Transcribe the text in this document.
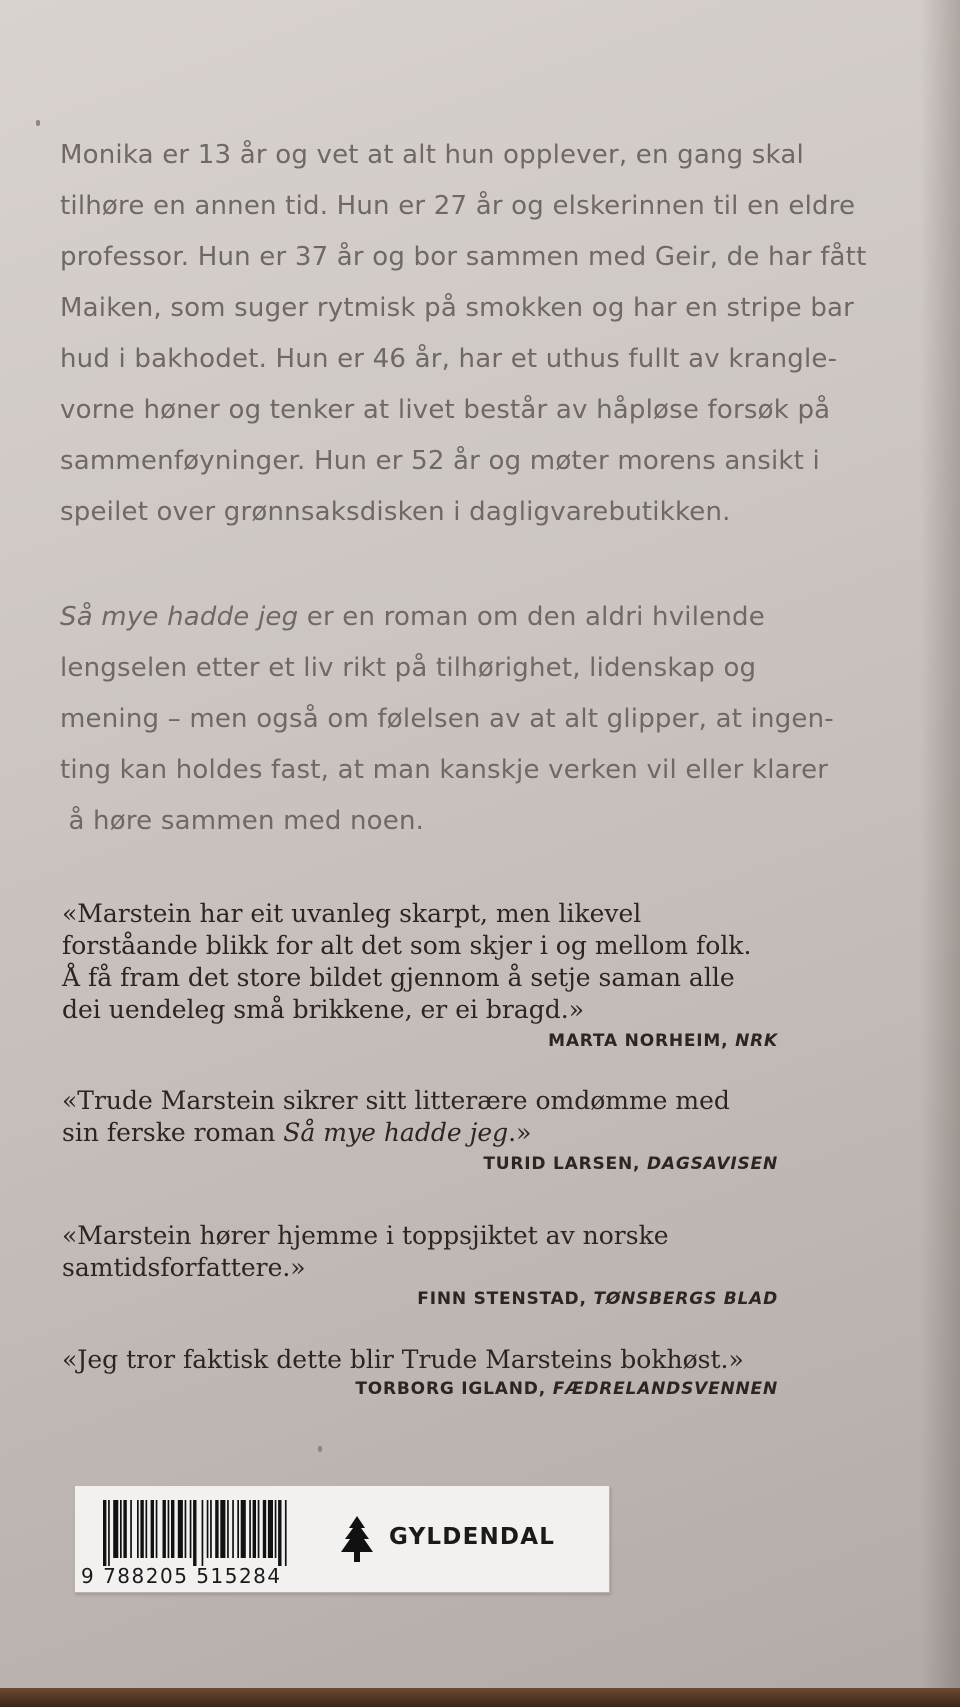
Monika er 13 år og vet at alt hun opplever, en gang skal
tilhøre en annen tid. Hun er 27 år og elskerinnen til en eldre
professor. Hun er 37 år og bor sammen med Geir, de har fått
Maiken, som suger rytmisk på smokken og har en stripe bar
hud i bakhodet. Hun er 46 år, har et uthus fullt av krangle-
vorne høner og tenker at livet består av håpløse forsøk på
sammenføyninger. Hun er 52 år og møter morens ansikt i
speilet over grønnsaksdisken i dagligvarebutikken.
Så mye hadde jeg er en roman om den aldri hvilende
lengselen etter et liv rikt på tilhørighet, lidenskap og
mening – men også om følelsen av at alt glipper, at ingen-
ting kan holdes fast, at man kanskje verken vil eller klarer
å høre sammen med noen.
«Marstein har eit uvanleg skarpt, men likevel
forståande blikk for alt det som skjer i og mellom folk.
Å få fram det store bildet gjennom å setje saman alle
dei uendeleg små brikkene, er ei bragd.»
MARTA NORHEIM, NRK
«Trude Marstein sikrer sitt litterære omdømme med
sin ferske roman Så mye hadde jeg.»
TURID LARSEN, DAGSAVISEN
«Marstein hører hjemme i toppsjiktet av norske
samtidsforfattere.»
FINN STENSTAD, TØNSBERGS BLAD
«Jeg tror faktisk dette blir Trude Marsteins bokhøst.»
TORBORG IGLAND, FÆDRELANDSVENNEN
9 788205 515284
GYLDENDAL
